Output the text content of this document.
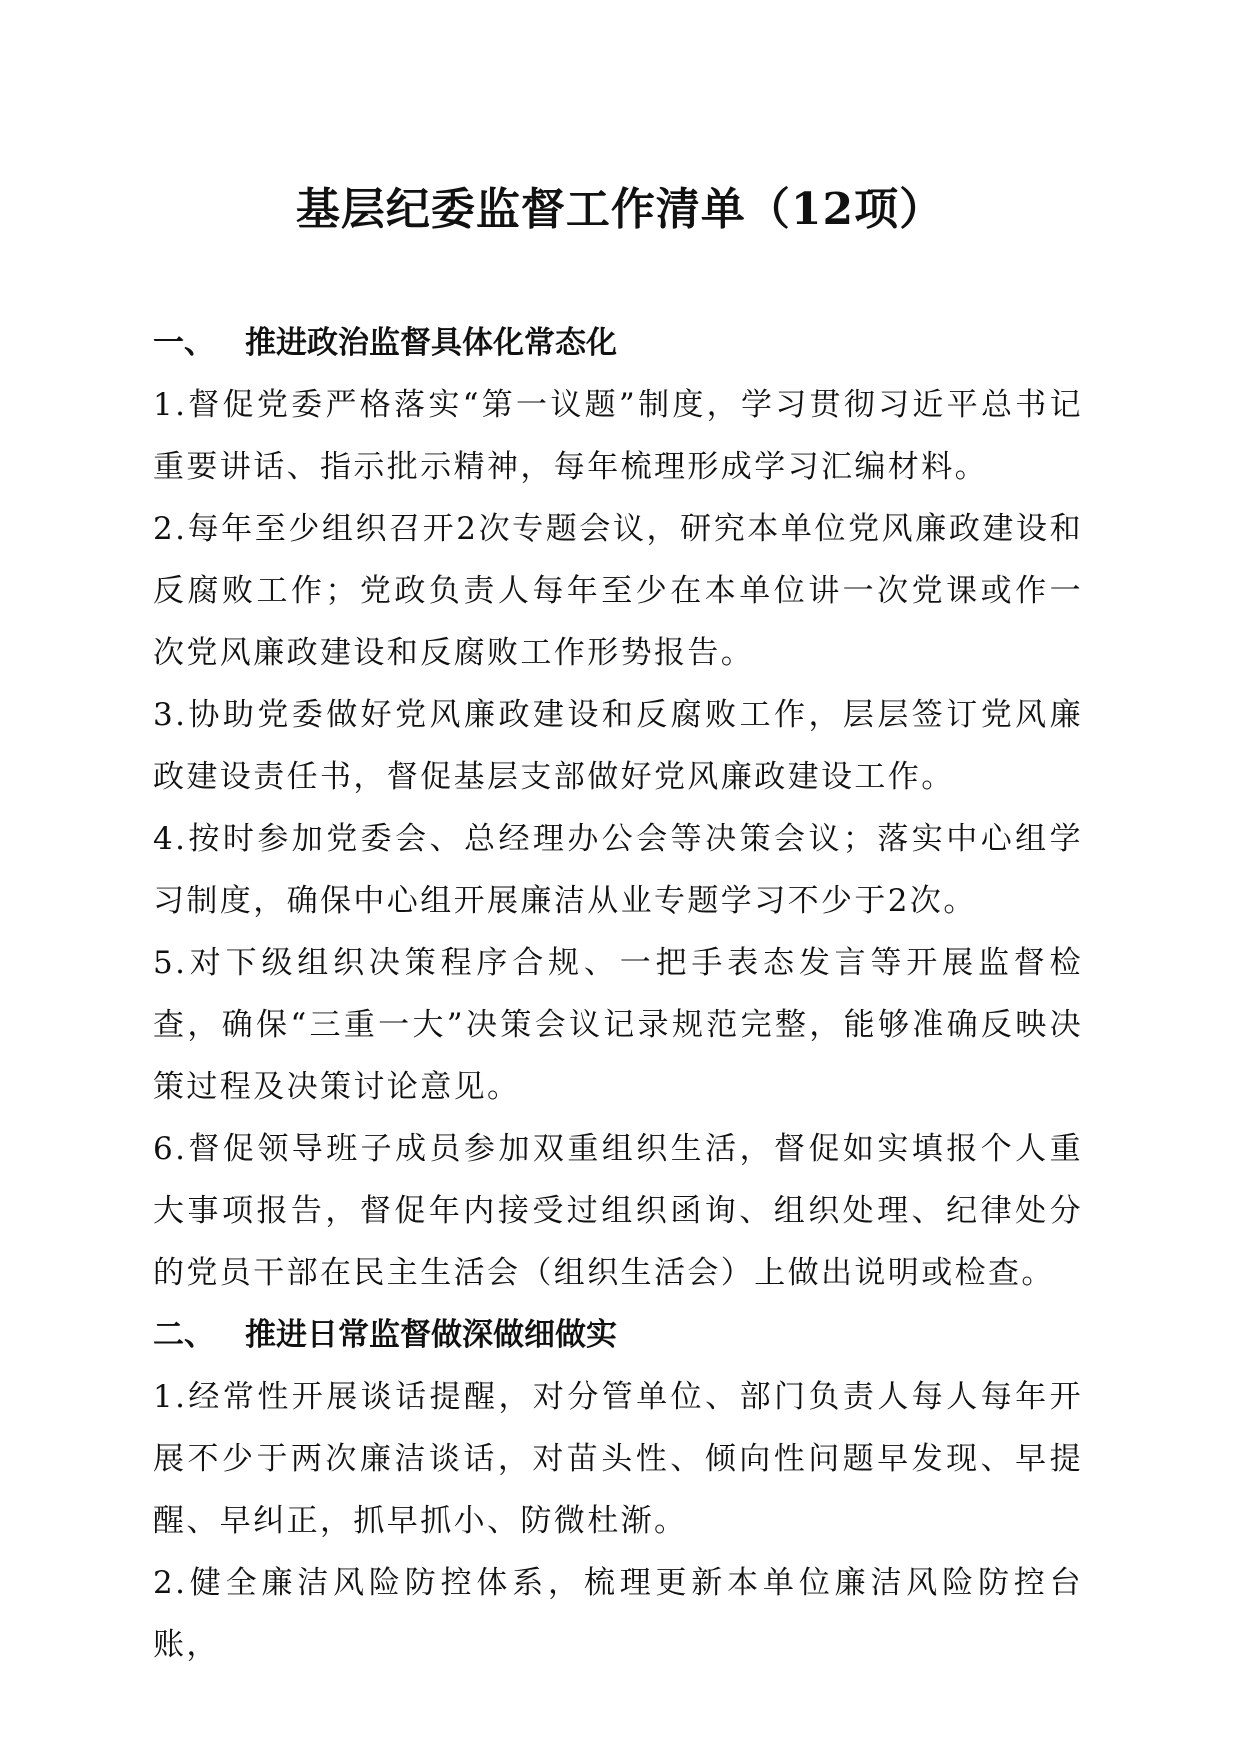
基层纪委监督工作清单（12项）
一、 推进政治监督具体化常态化

1.督促党委严格落实“第一议题”制度，学习贯彻习近平总书记重要讲话、指示批示精神，每年梳理形成学习汇编材料。

2.每年至少组织召开2次专题会议，研究本单位党风廉政建设和反腐败工作；党政负责人每年至少在本单位讲一次党课或作一次党风廉政建设和反腐败工作形势报告。

3.协助党委做好党风廉政建设和反腐败工作，层层签订党风廉政建设责任书，督促基层支部做好党风廉政建设工作。

4.按时参加党委会、总经理办公会等决策会议；落实中心组学习制度，确保中心组开展廉洁从业专题学习不少于2次。

5.对下级组织决策程序合规、一把手表态发言等开展监督检查，确保“三重一大”决策会议记录规范完整，能够准确反映决策过程及决策讨论意见。

6.督促领导班子成员参加双重组织生活，督促如实填报个人重大事项报告，督促年内接受过组织函询、组织处理、纪律处分的党员干部在民主生活会（组织生活会）上做出说明或检查。

二、 推进日常监督做深做细做实

1.经常性开展谈话提醒，对分管单位、部门负责人每人每年开展不少于两次廉洁谈话，对苗头性、倾向性问题早发现、早提醒、早纠正，抓早抓小、防微杜渐。

2.健全廉洁风险防控体系，梳理更新本单位廉洁风险防控台账，
